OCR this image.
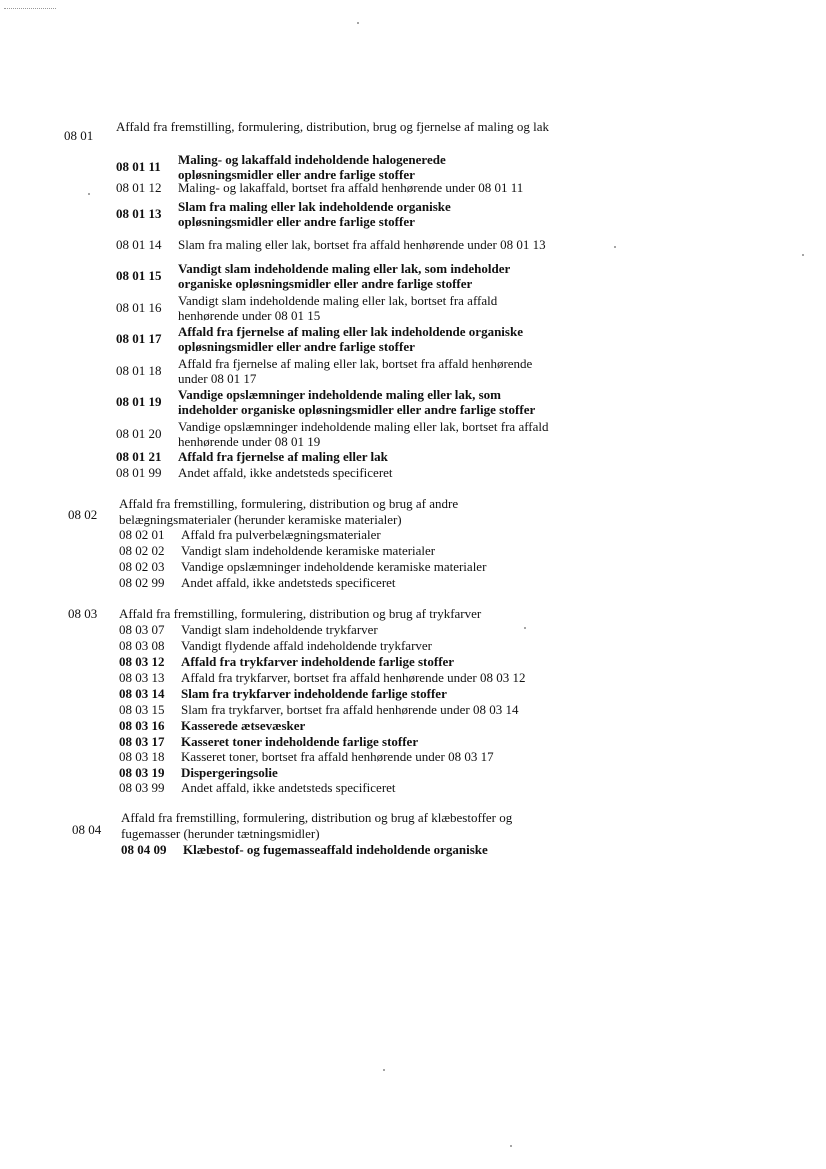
08 01
Affald fra fremstilling, formulering, distribution, brug og fjernelse af maling og lak
08 01 11	Maling- og lakaffald indeholdende halogenerede opløsningsmidler eller andre farlige stoffer
08 01 12	Maling- og lakaffald, bortset fra affald henhørende under 08 01 11
08 01 13	Slam fra maling eller lak indeholdende organiske opløsningsmidler eller andre farlige stoffer
08 01 14	Slam fra maling eller lak, bortset fra affald henhørende under 08 01 13
08 01 15	Vandigt slam indeholdende maling eller lak, som indeholder organiske opløsningsmidler eller andre farlige stoffer
08 01 16	Vandigt slam indeholdende maling eller lak, bortset fra affald henhørende under 08 01 15
08 01 17	Affald fra fjernelse af maling eller lak indeholdende organiske opløsningsmidler eller andre farlige stoffer
08 01 18	Affald fra fjernelse af maling eller lak, bortset fra affald henhørende under 08 01 17
08 01 19	Vandige opslæmninger indeholdende maling eller lak, som indeholder organiske opløsningsmidler eller andre farlige stoffer
08 01 20	Vandige opslæmninger indeholdende maling eller lak, bortset fra affald henhørende under 08 01 19
08 01 21	Affald fra fjernelse af maling eller lak
08 01 99	Andet affald, ikke andetsteds specificeret
08 02
Affald fra fremstilling, formulering, distribution og brug af andre belægningsmaterialer (herunder keramiske materialer)
08 02 01	Affald fra pulverbelægningsmaterialer
08 02 02	Vandigt slam indeholdende keramiske materialer
08 02 03	Vandige opslæmninger indeholdende keramiske materialer
08 02 99	Andet affald, ikke andetsteds specificeret
08 03 Affald fra fremstilling, formulering, distribution og brug af trykfarver
08 03 07	Vandigt slam indeholdende trykfarver
08 03 08	Vandigt flydende affald indeholdende trykfarver
08 03 12	Affald fra trykfarver indeholdende farlige stoffer
08 03 13	Affald fra trykfarver, bortset fra affald henhørende under 08 03 12
08 03 14	Slam fra trykfarver indeholdende farlige stoffer
08 03 15	Slam fra trykfarver, bortset fra affald henhørende under 08 03 14
08 03 16	Kasserede ætsevæsker
08 03 17	Kasseret toner indeholdende farlige stoffer
08 03 18	Kasseret toner, bortset fra affald henhørende under 08 03 17
08 03 19	Dispergeringsolie
08 03 99	Andet affald, ikke andetsteds specificeret
08 04
Affald fra fremstilling, formulering, distribution og brug af klæbestoffer og fugemasser (herunder tætningsmidler)
08 04 09	Klæbestof- og fugemasseaffald indeholdende organiske
